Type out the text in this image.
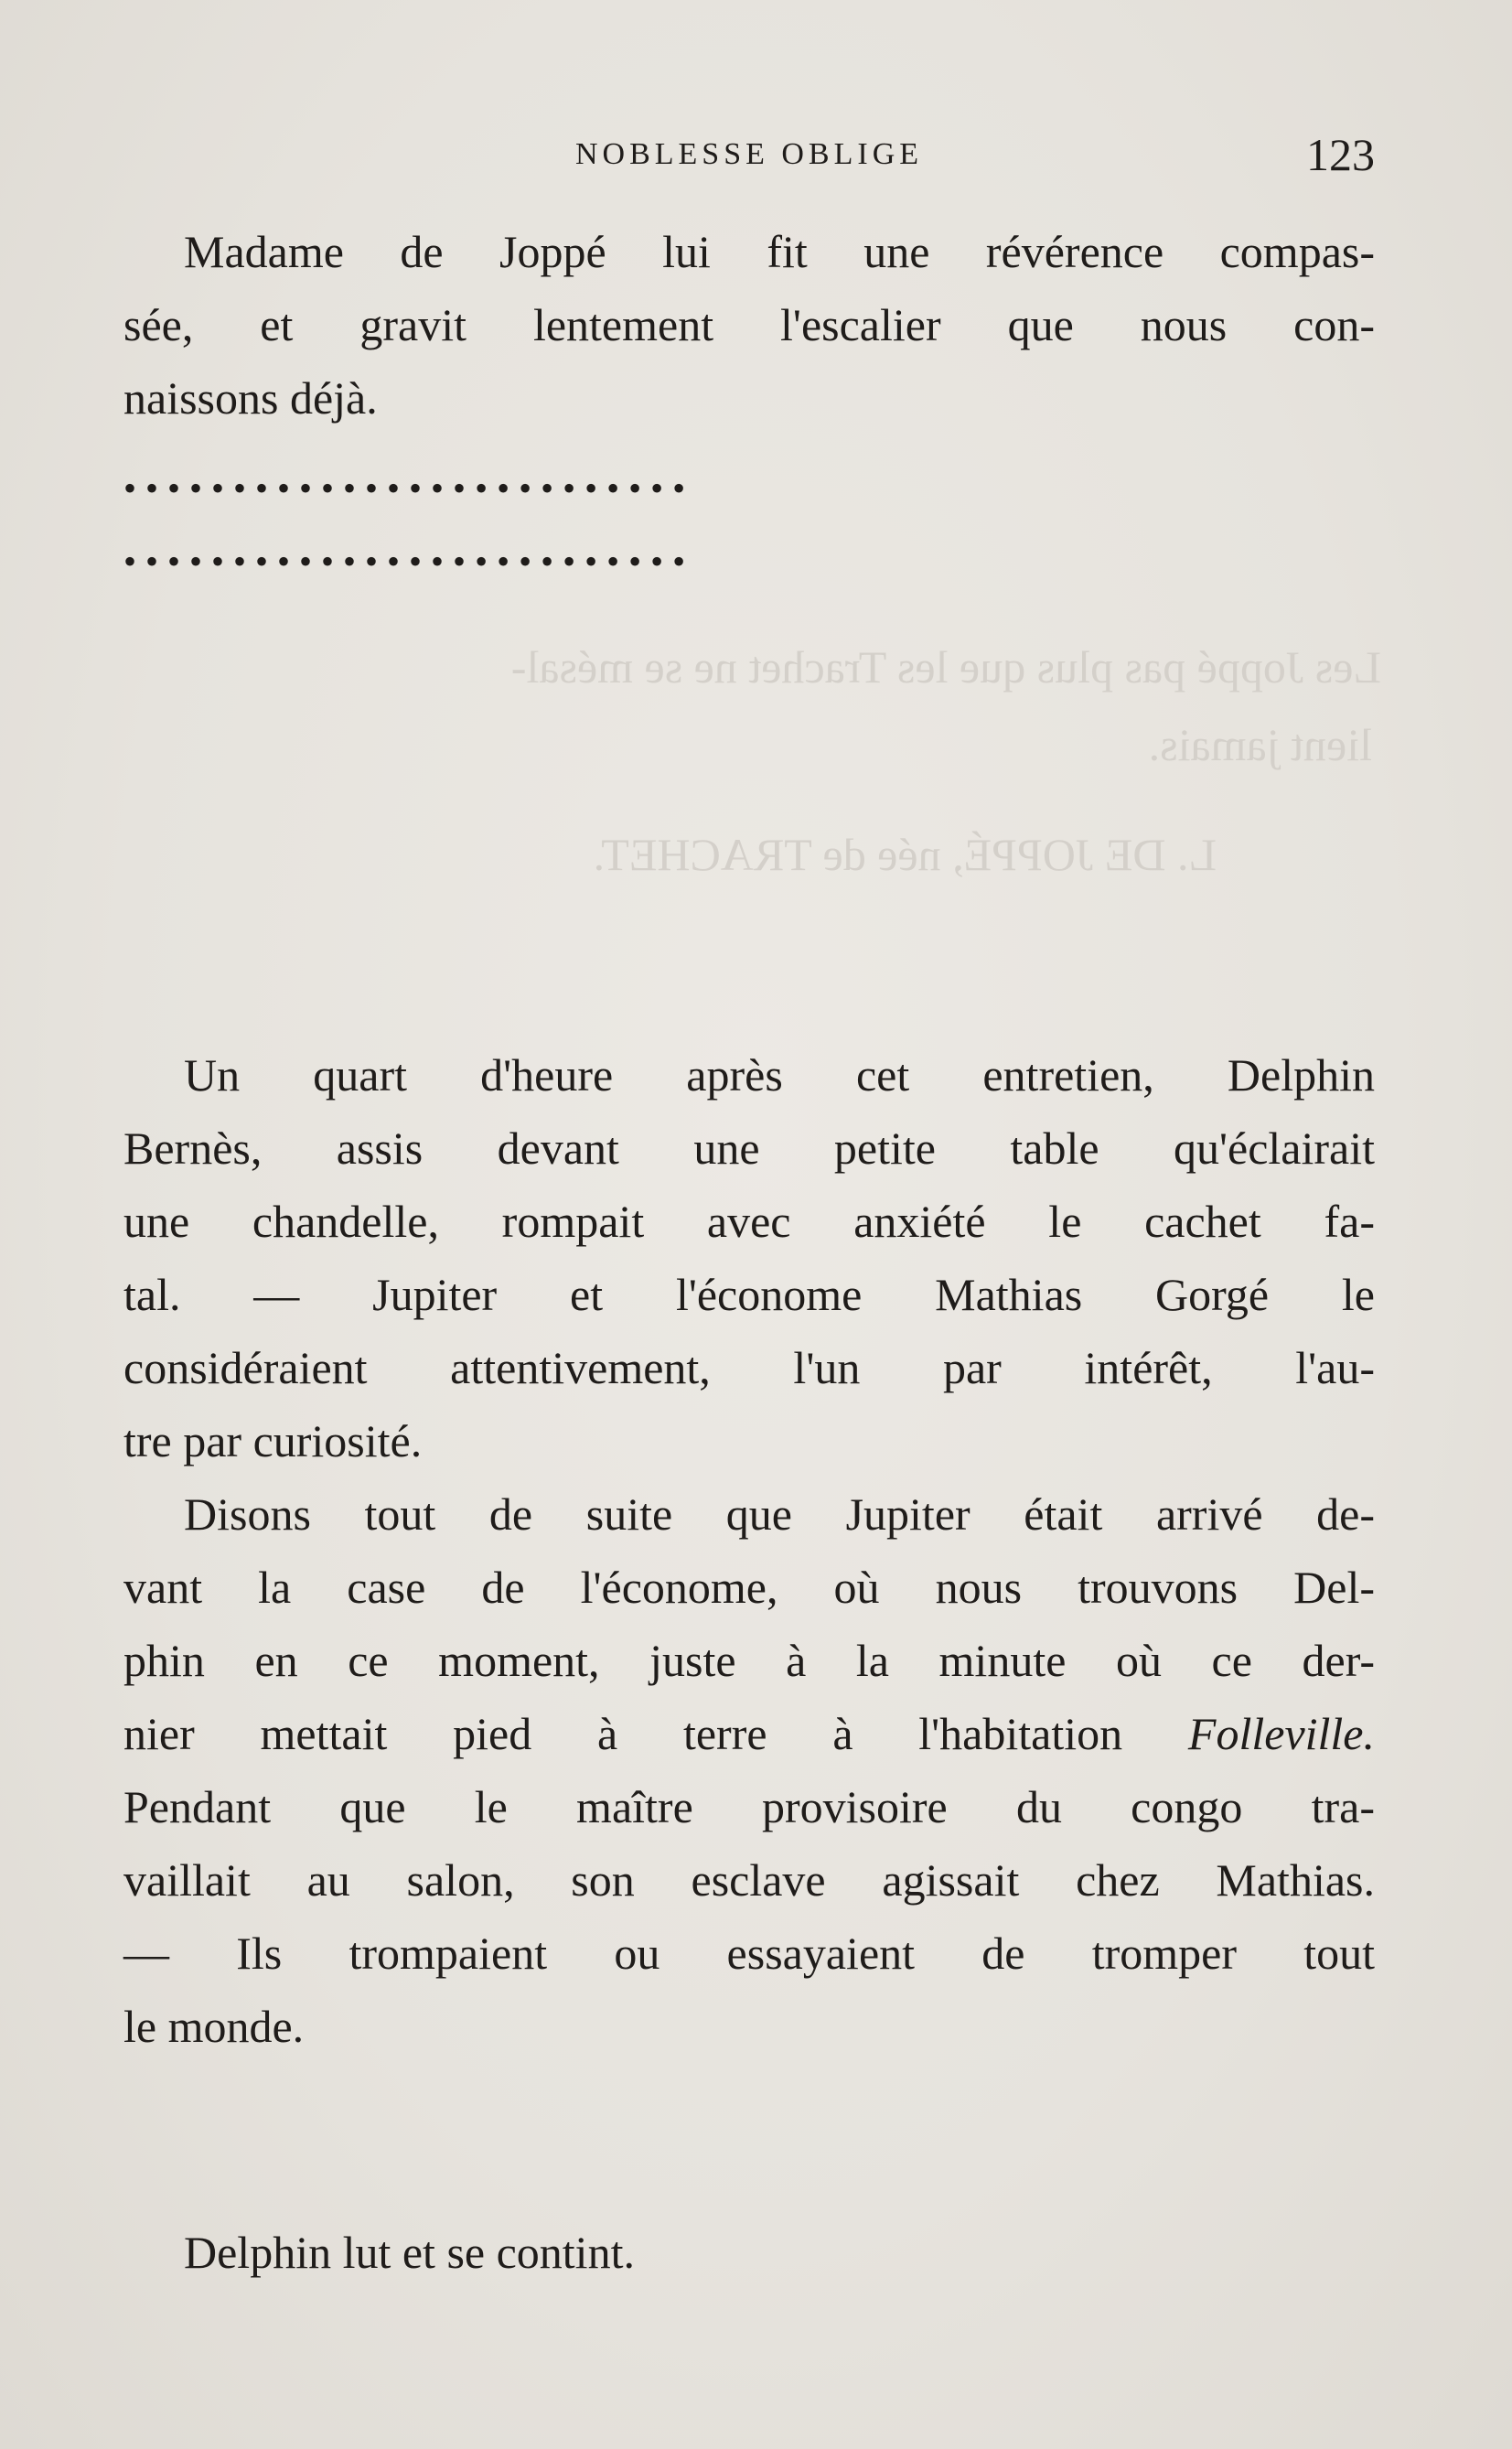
Les Joppé pas plus que les Trachet ne se mésal-
lient jamais.
L. DE JOPPÉ, née de TRACHET.
NOBLESSE OBLIGE	123
Madame de Joppé lui fit une révérence compas-
sée, et gravit lentement l'escalier que nous con-
naissons déjà.
• • • • • • • • • • • • • • • • • • • • • • • • • •
• • • • • • • • • • • • • • • • • • • • • • • • • •
Un quart d'heure après cet entretien, Delphin
Bernès, assis devant une petite table qu'éclairait
une chandelle, rompait avec anxiété le cachet fa-
tal. — Jupiter et l'économe Mathias Gorgé le
considéraient attentivement, l'un par intérêt, l'au-
tre par curiosité.
Disons tout de suite que Jupiter était arrivé de-
vant la case de l'économe, où nous trouvons Del-
phin en ce moment, juste à la minute où ce der-
nier mettait pied à terre à l'habitation Folleville.
Pendant que le maître provisoire du congo tra-
vaillait au salon, son esclave agissait chez Mathias.
— Ils trompaient ou essayaient de tromper tout
le monde.
Delphin lut et se contint.
